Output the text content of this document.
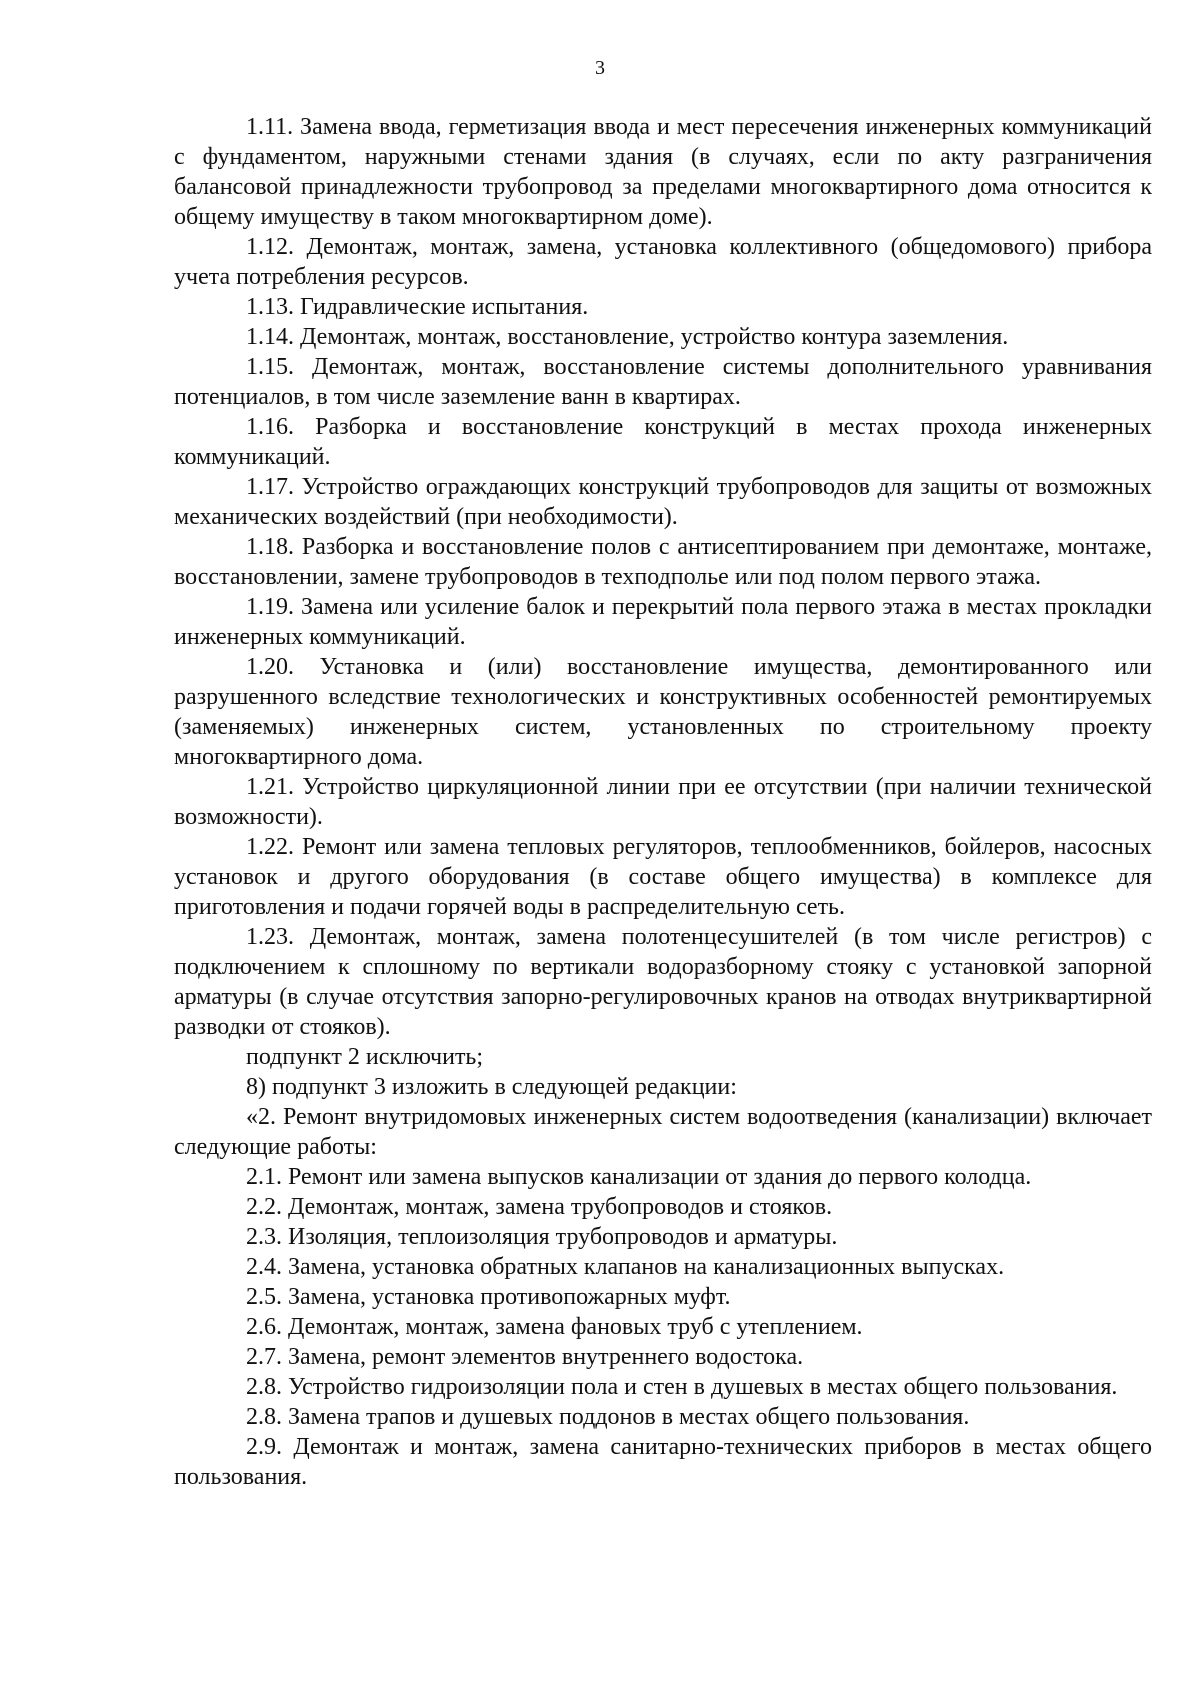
3

1.11. Замена ввода, герметизация ввода и мест пересечения инженерных коммуникаций с фундаментом, наружными стенами здания (в случаях, если по акту разграничения балансовой принадлежности трубопровод за пределами многоквартирного дома относится к общему имуществу в таком многоквартирном доме).

1.12. Демонтаж, монтаж, замена, установка коллективного (общедомового) прибора учета потребления ресурсов.

1.13. Гидравлические испытания.

1.14. Демонтаж, монтаж, восстановление, устройство контура заземления.

1.15. Демонтаж, монтаж, восстановление системы дополнительного уравнивания потенциалов, в том числе заземление ванн в квартирах.

1.16. Разборка и восстановление конструкций в местах прохода инженерных коммуникаций.

1.17. Устройство ограждающих конструкций трубопроводов для защиты от возможных механических воздействий (при необходимости).

1.18. Разборка и восстановление полов с антисептированием при демонтаже, монтаже, восстановлении, замене трубопроводов в техподполье или под полом первого этажа.

1.19. Замена или усиление балок и перекрытий пола первого этажа в местах прокладки инженерных коммуникаций.

1.20. Установка и (или) восстановление имущества, демонтированного или разрушенного вследствие технологических и конструктивных особенностей ремонтируемых (заменяемых) инженерных систем, установленных по строительному проекту многоквартирного дома.

1.21. Устройство циркуляционной линии при ее отсутствии (при наличии технической возможности).

1.22. Ремонт или замена тепловых регуляторов, теплообменников, бойлеров, насосных установок и другого оборудования (в составе общего имущества) в комплексе для приготовления и подачи горячей воды в распределительную сеть.

1.23. Демонтаж, монтаж, замена полотенцесушителей (в том числе регистров) с подключением к сплошному по вертикали водоразборному стояку с установкой запорной арматуры (в случае отсутствия запорно-регулировочных кранов на отводах внутриквартирной разводки от стояков).

подпункт 2 исключить;

8) подпункт 3 изложить в следующей редакции:

«2. Ремонт внутридомовых инженерных систем водоотведения (канализации) включает следующие работы:

2.1. Ремонт или замена выпусков канализации от здания до первого колодца.

2.2. Демонтаж, монтаж, замена трубопроводов и стояков.

2.3. Изоляция, теплоизоляция трубопроводов и арматуры.

2.4. Замена, установка обратных клапанов на канализационных выпусках.

2.5. Замена, установка противопожарных муфт.

2.6. Демонтаж, монтаж, замена фановых труб с утеплением.

2.7. Замена, ремонт элементов внутреннего водостока.

2.8. Устройство гидроизоляции пола и стен в душевых в местах общего пользования.

2.8. Замена трапов и душевых поддонов в местах общего пользования.

2.9. Демонтаж и монтаж, замена санитарно-технических приборов в местах общего пользования.
